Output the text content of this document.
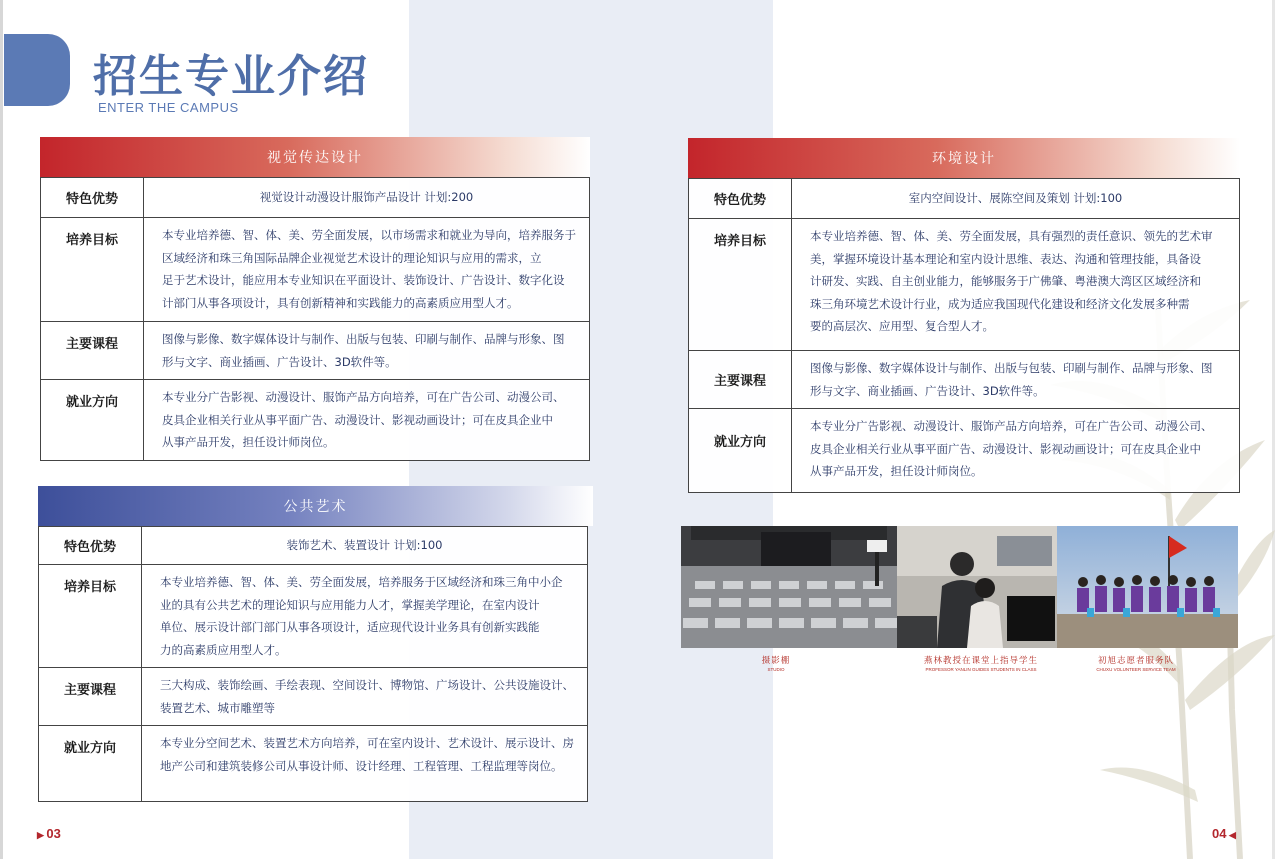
招生专业介绍
ENTER THE CAMPUS
视觉传达设计
特色优势	视觉设计动漫设计服饰产品设计 计划:200
培养目标	本专业培养德、智、体、美、劳全面发展，以市场需求和就业为导向，培养服务于
区域经济和珠三角国际品牌企业视觉艺术设计的理论知识与应用的需求，立
足于艺术设计，能应用本专业知识在平面设计、装饰设计、广告设计、数字化设
计部门从事各项设计，具有创新精神和实践能力的高素质应用型人才。

主要课程	图像与影像、数字媒体设计与制作、出版与包装、印刷与制作、品牌与形象、图
形与文字、商业插画、广告设计、3D软件等。

就业方向	本专业分广告影视、动漫设计、服饰产品方向培养，可在广告公司、动漫公司、
皮具企业相关行业从事平面广告、动漫设计、影视动画设计；可在皮具企业中
从事产品开发，担任设计师岗位。
公共艺术
特色优势	装饰艺术、装置设计 计划:100
培养目标	本专业培养德、智、体、美、劳全面发展，培养服务于区域经济和珠三角中小企
业的具有公共艺术的理论知识与应用能力人才，掌握美学理论，在室内设计
单位、展示设计部门部门从事各项设计，适应现代设计业务具有创新实践能
力的高素质应用型人才。

主要课程	三大构成、装饰绘画、手绘表现、空间设计、博物馆、广场设计、公共设施设计、
装置艺术、城市雕塑等

就业方向	本专业分空间艺术、装置艺术方向培养，可在室内设计、艺术设计、展示设计、房
地产公司和建筑装修公司从事设计师、设计经理、工程管理、工程监理等岗位。
环境设计
特色优势	室内空间设计、展陈空间及策划 计划:100
培养目标	本专业培养德、智、体、美、劳全面发展，具有强烈的责任意识、领先的艺术审
美，掌握环境设计基本理论和室内设计思维、表达、沟通和管理技能，具备设
计研发、实践、自主创业能力，能够服务于广佛肇、粤港澳大湾区区域经济和
珠三角环境艺术设计行业，成为适应我国现代化建设和经济文化发展多种需
要的高层次、应用型、复合型人才。

主要课程	图像与影像、数字媒体设计与制作、出版与包装、印刷与制作、品牌与形象、图
形与文字、商业插画、广告设计、3D软件等。

就业方向	本专业分广告影视、动漫设计、服饰产品方向培养，可在广告公司、动漫公司、
皮具企业相关行业从事平面广告、动漫设计、影视动画设计；可在皮具企业中
从事产品开发，担任设计师岗位。
摄影棚
STUDIO
燕林教授在课堂上指导学生
PROFESSOR YANLIN GUIDES STUDENTS IN CLASS
初旭志愿者服务队
CHUXU VOLUNTEER SERVICE TEAM
▶ 03	04 ◀
